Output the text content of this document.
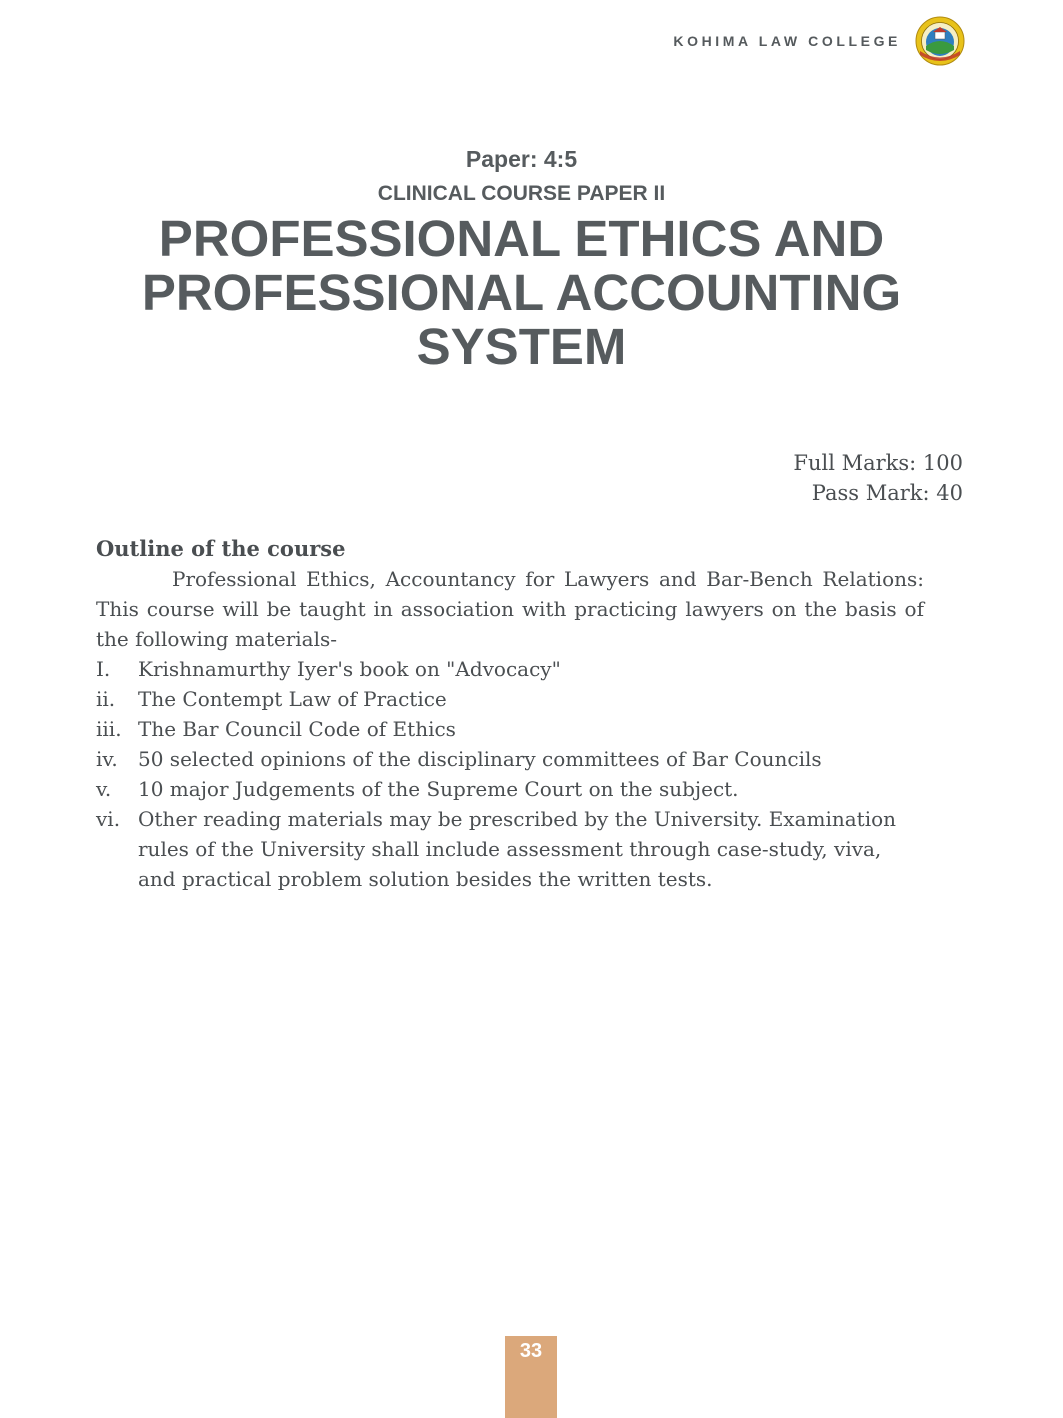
KOHIMA LAW COLLEGE
Paper: 4:5
CLINICAL COURSE PAPER II
PROFESSIONAL ETHICS AND PROFESSIONAL ACCOUNTING SYSTEM
Full Marks: 100
Pass Mark: 40
Outline of the course
Professional Ethics, Accountancy for Lawyers and Bar-Bench Relations: This course will be taught in association with practicing lawyers on the basis of the following materials-
I.	Krishnamurthy Iyer's book on "Advocacy"
ii.	The Contempt Law of Practice
iii. The Bar Council Code of Ethics
iv.	50 selected opinions of the disciplinary committees of Bar Councils
v.	10 major Judgements of the Supreme Court on the subject.
vi. Other reading materials may be prescribed by the University. Examination rules of the University shall include assessment through case-study, viva, and practical problem solution besides the written tests.
33
